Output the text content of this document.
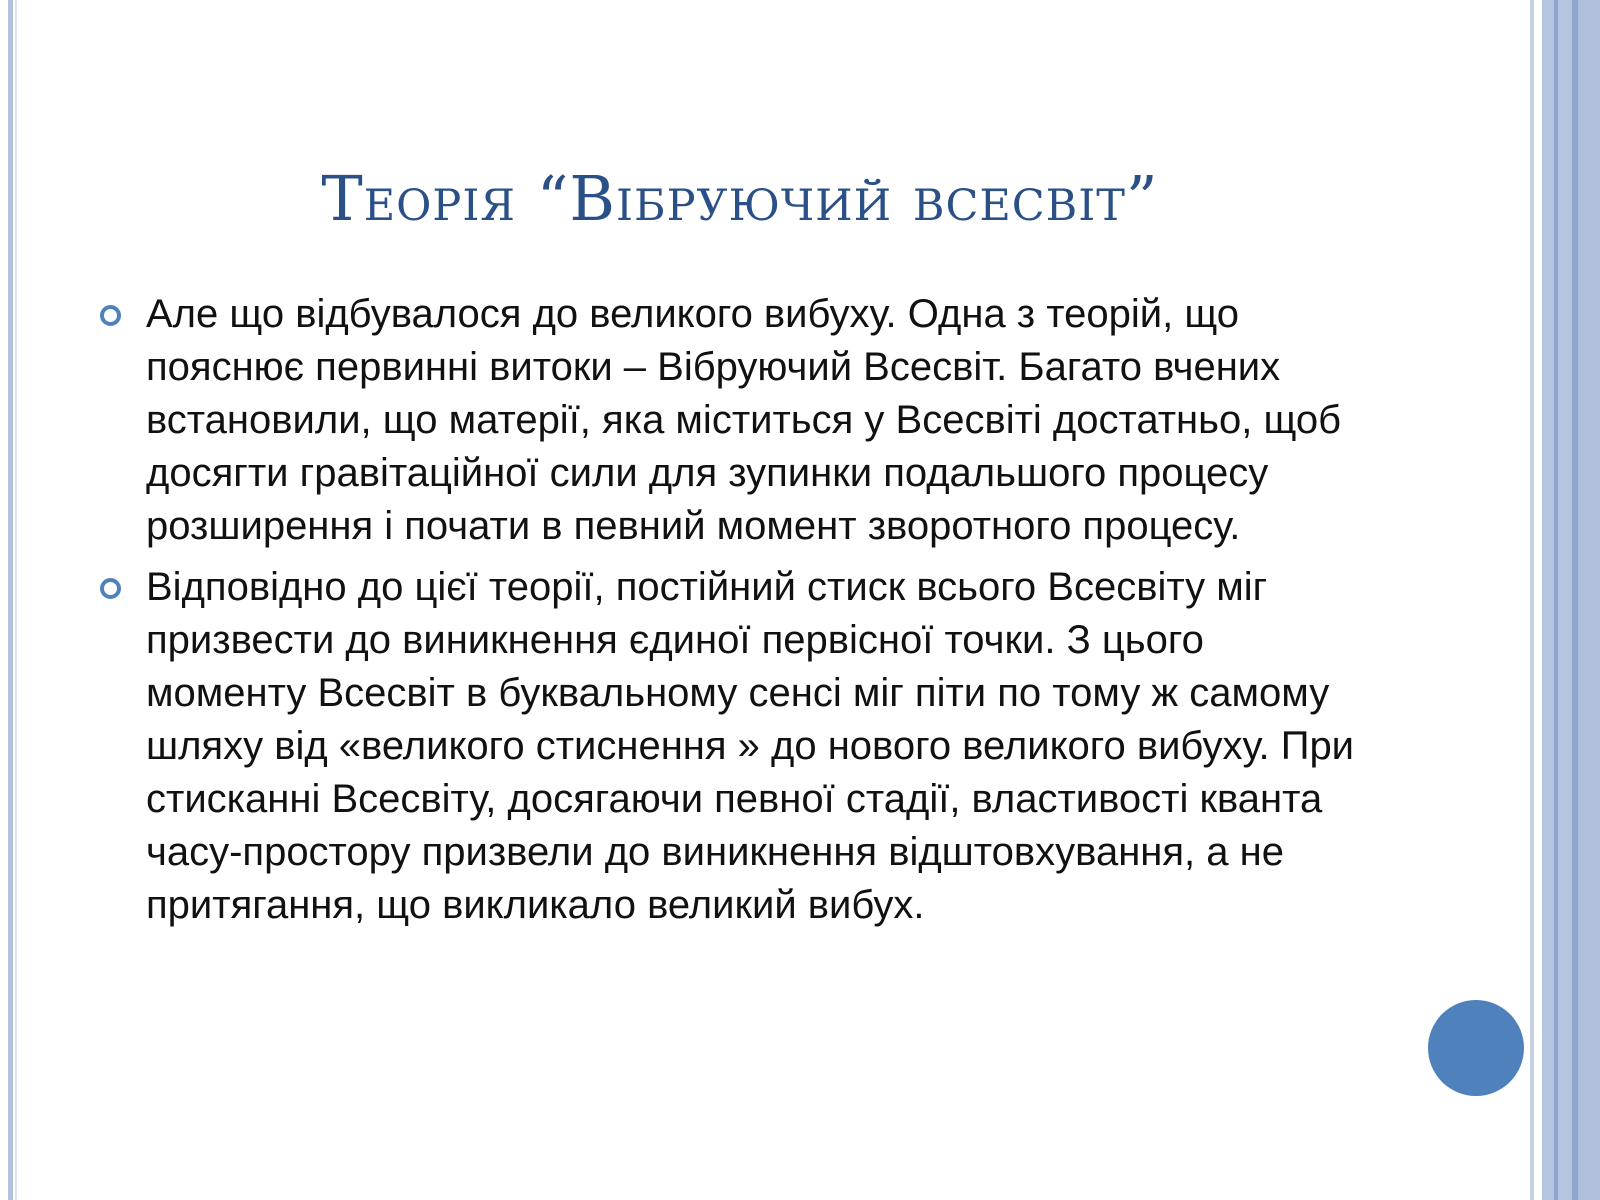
Теорія “Вібруючий всесвіт”
Але що відбувалося до великого вибуху. Одна з теорій, що пояснює первинні витоки – Вібруючий Всесвіт. Багато вчених встановили, що матерії, яка міститься у Всесвіті достатньо, щоб досягти гравітаційної сили для зупинки подальшого процесу розширення і почати в певний момент зворотного процесу.
Відповідно до цієї теорії, постійний стиск всього Всесвіту міг призвести до виникнення єдиної первісної точки. З цього моменту Всесвіт в буквальному сенсі міг піти по тому ж самому шляху від «великого стиснення » до нового великого вибуху. При стисканні Всесвіту, досягаючи певної стадії, властивості кванта часу-простору призвели до виникнення відштовхування, а не притягання, що викликало великий вибух.
